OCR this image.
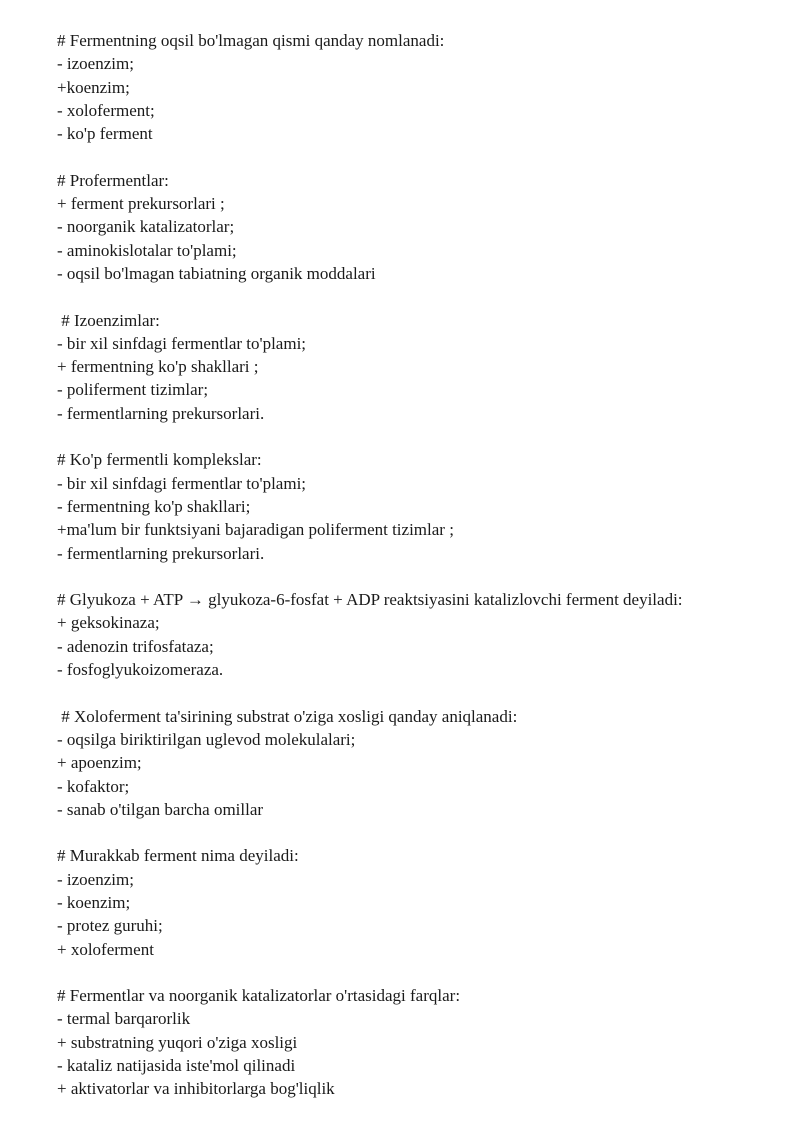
# Fermentning oqsil bo'lmagan qismi qanday nomlanadi:
- izoenzim;
+koenzim;
- xoloferment;
- ko'p ferment
# Profermentlar:
+ ferment prekursorlari ;
- noorganik katalizatorlar;
- aminokislotalar to'plami;
- oqsil bo'lmagan tabiatning organik moddalari
# Izoenzimlar:
- bir xil sinfdagi fermentlar to'plami;
+ fermentning ko'p shakllari ;
- poliferment tizimlar;
- fermentlarning prekursorlari.
# Ko'p fermentli komplekslar:
- bir xil sinfdagi fermentlar to'plami;
- fermentning ko'p shakllari;
+ma'lum bir funktsiyani bajaradigan poliferment tizimlar ;
- fermentlarning prekursorlari.
# Glyukoza + ATP → glyukoza-6-fosfat + ADP reaktsiyasini katalizlovchi ferment deyiladi:
+ geksokinaza;
- adenozin trifosfataza;
- fosfoglyukoizomeraza.
# Xoloferment ta'sirining substrat o'ziga xosligi qanday aniqlanadi:
- oqsilga biriktirilgan uglevod molekulalari;
+ apoenzim;
- kofaktor;
- sanab o'tilgan barcha omillar
# Murakkab ferment nima deyiladi:
- izoenzim;
- koenzim;
- protez guruhi;
+ xoloferment
# Fermentlar va noorganik katalizatorlar o'rtasidagi farqlar:
- termal barqarorlik
+ substratning yuqori o'ziga xosligi
- kataliz natijasida iste'mol qilinadi
+ aktivatorlar va inhibitorlarga bog'liqlik
